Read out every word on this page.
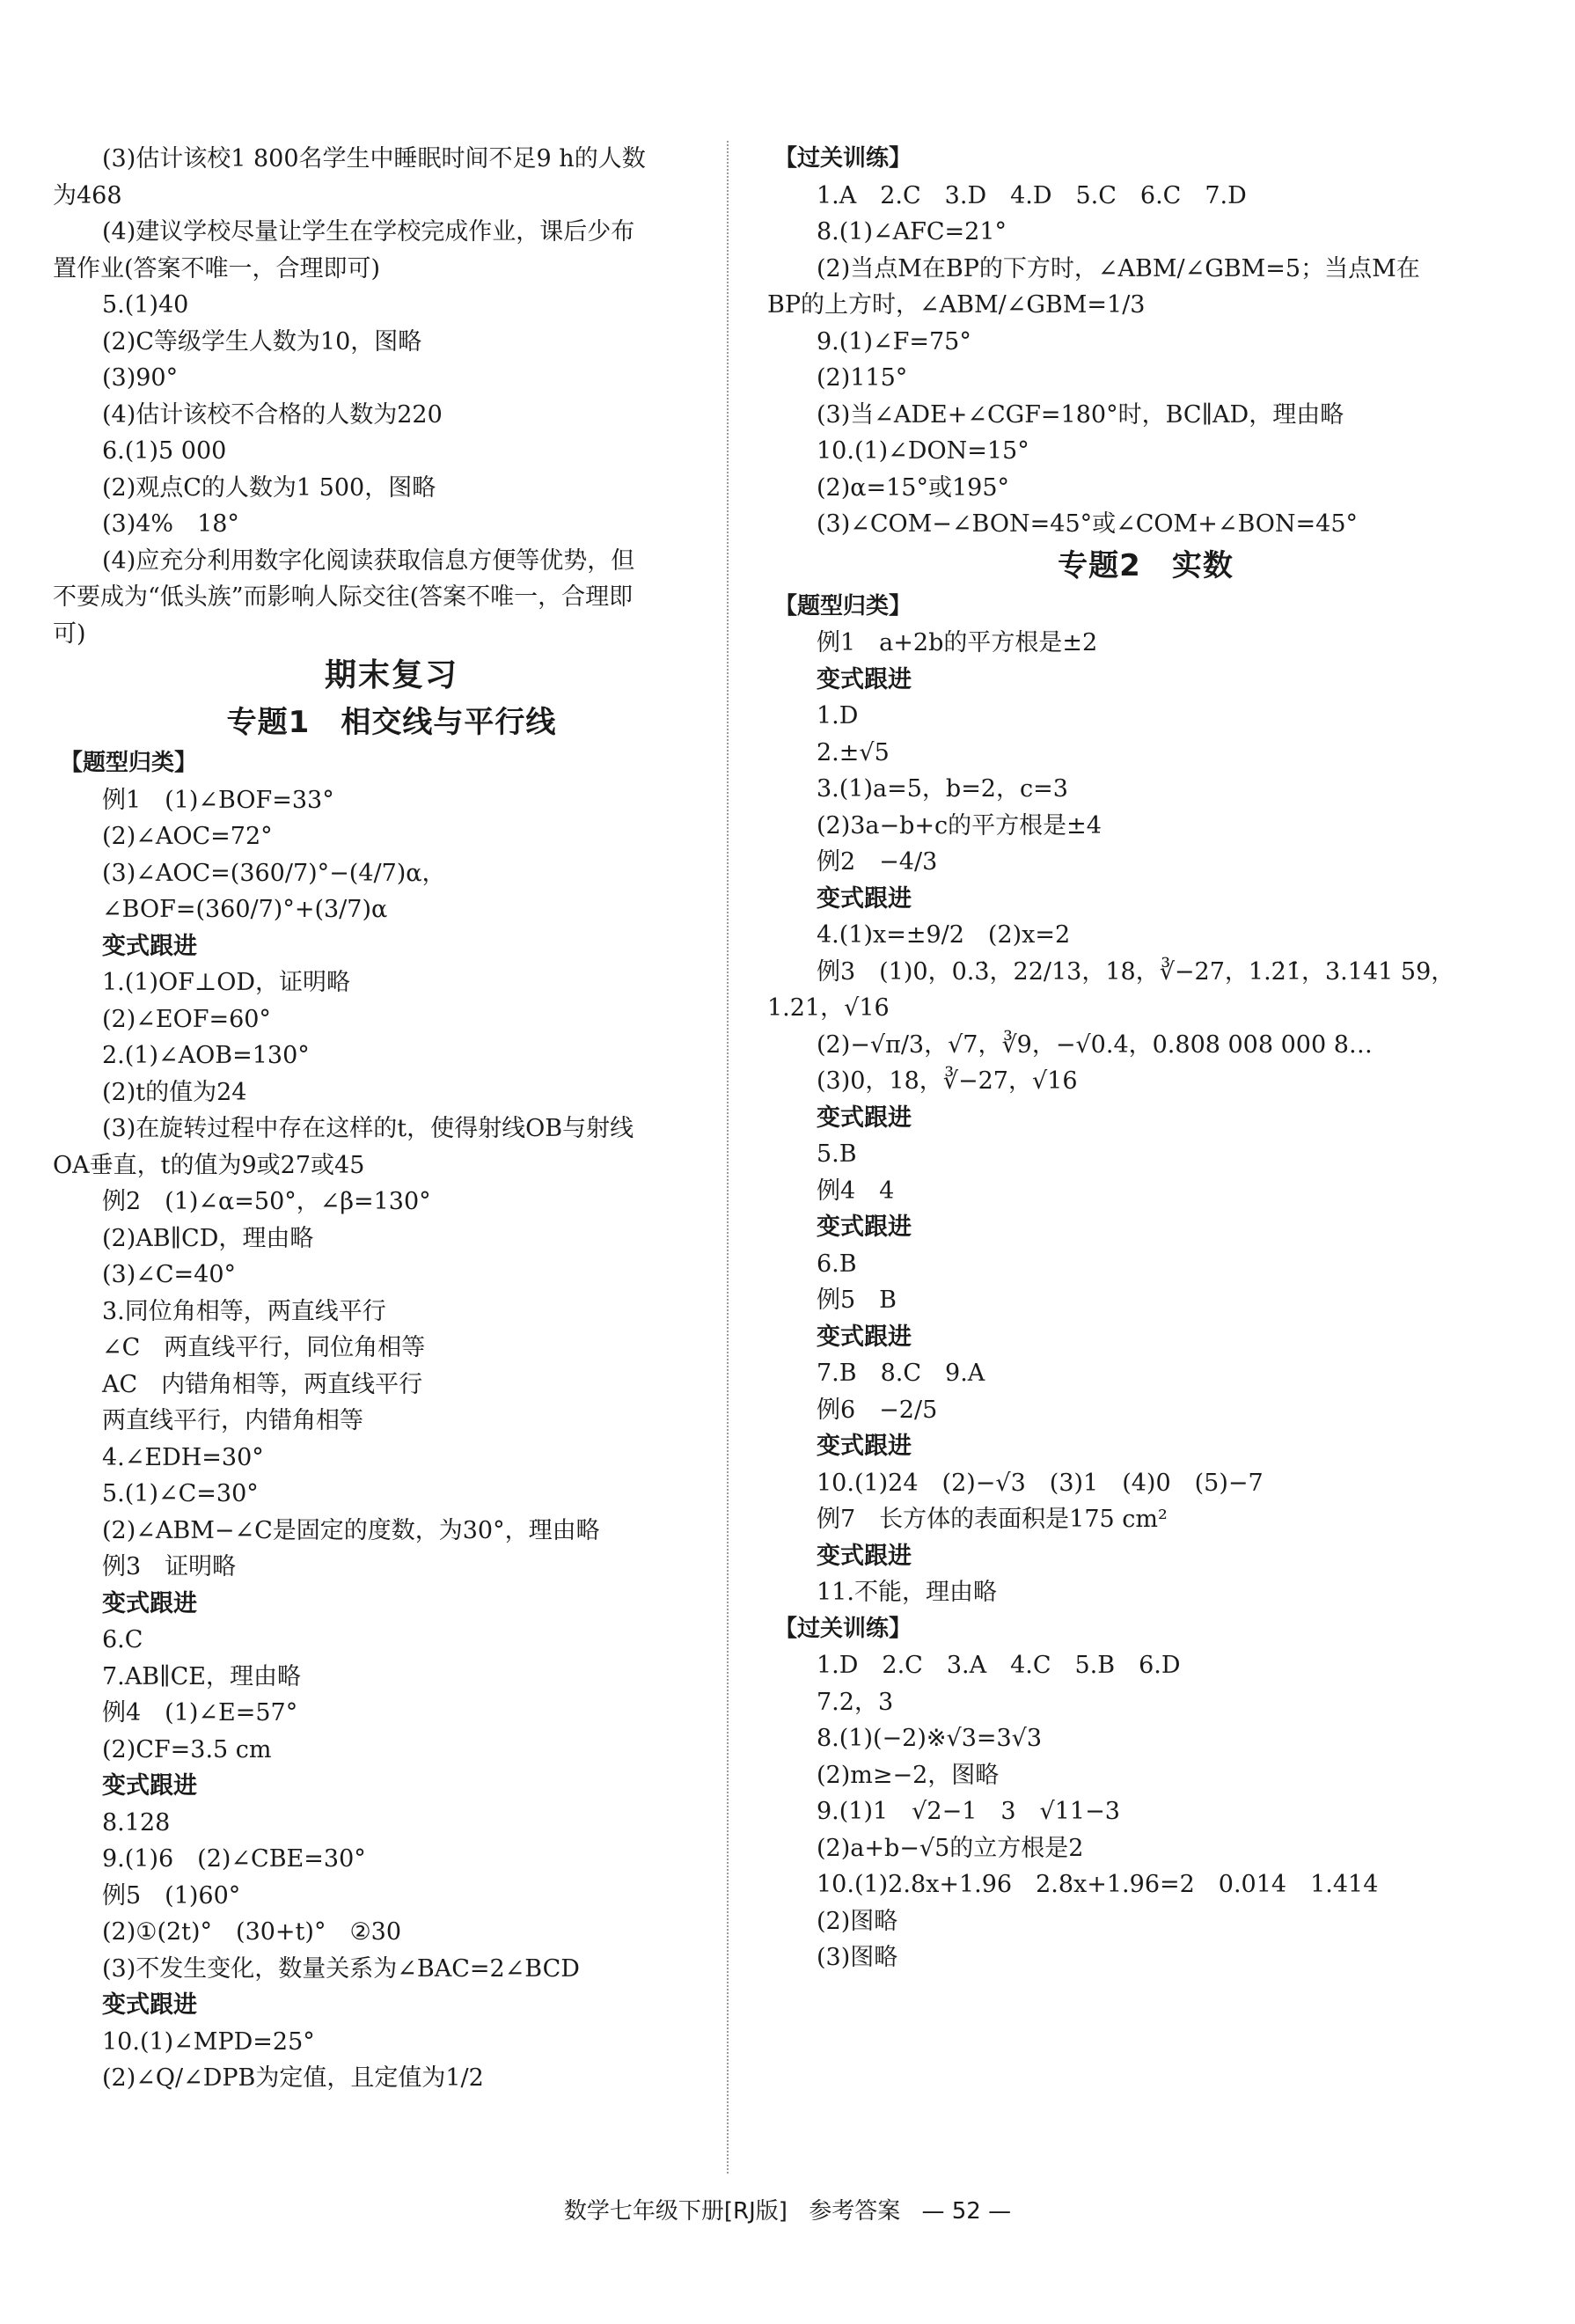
(3)估计该校1 800名学生中睡眠时间不足9 h的人数
为468
(4)建议学校尽量让学生在学校完成作业，课后少布
置作业(答案不唯一，合理即可)
5.(1)40
(2)C等级学生人数为10，图略
(3)90°
(4)估计该校不合格的人数为220
6.(1)5 000
(2)观点C的人数为1 500，图略
(3)4%　18°
(4)应充分利用数字化阅读获取信息方便等优势，但
不要成为“低头族”而影响人际交往(答案不唯一，合理即
可)
期末复习
专题1　相交线与平行线
【题型归类】
例1　(1)∠BOF=33°
(2)∠AOC=72°
(3)∠AOC=(360/7)°−(4/7)α，
∠BOF=(360/7)°+(3/7)α
变式跟进
1.(1)OF⊥OD，证明略
(2)∠EOF=60°
2.(1)∠AOB=130°
(2)t的值为24
(3)在旋转过程中存在这样的t，使得射线OB与射线
OA垂直，t的值为9或27或45
例2　(1)∠α=50°，∠β=130°
(2)AB∥CD，理由略
(3)∠C=40°
3.同位角相等，两直线平行
∠C　两直线平行，同位角相等
AC　内错角相等，两直线平行
两直线平行，内错角相等
4.∠EDH=30°
5.(1)∠C=30°
(2)∠ABM−∠C是固定的度数，为30°，理由略
例3　证明略
变式跟进
6.C
7.AB∥CE，理由略
例4　(1)∠E=57°
(2)CF=3.5 cm
变式跟进
8.128
9.(1)6　(2)∠CBE=30°
例5　(1)60°
(2)①(2t)°　(30+t)°　②30
(3)不发生变化，数量关系为∠BAC=2∠BCD
变式跟进
10.(1)∠MPD=25°
(2)∠Q/∠DPB为定值，且定值为1/2
【过关训练】
1.A　2.C　3.D　4.D　5.C　6.C　7.D
8.(1)∠AFC=21°
(2)当点M在BP的下方时，∠ABM/∠GBM=5；当点M在
BP的上方时，∠ABM/∠GBM=1/3
9.(1)∠F=75°
(2)115°
(3)当∠ADE+∠CGF=180°时，BC∥AD，理由略
10.(1)∠DON=15°
(2)α=15°或195°
(3)∠COM−∠BON=45°或∠COM+∠BON=45°
专题2　实数
【题型归类】
例1　a+2b的平方根是±2
变式跟进
1.D
2.±√5
3.(1)a=5，b=2，c=3
(2)3a−b+c的平方根是±4
例2　−4/3
变式跟进
4.(1)x=±9/2　(2)x=2
例3　(1)0，0.3̇，22/13，18，∛−27，1.2̇1̇，3.141 59，
1.21，√16
(2)−√π/3，√7，∛9，−√0.4，0.808 008 000 8…
(3)0，18，∛−27，√16
变式跟进
5.B
例4　4
变式跟进
6.B
例5　B
变式跟进
7.B　8.C　9.A
例6　−2/5
变式跟进
10.(1)24　(2)−√3　(3)1　(4)0　(5)−7
例7　长方体的表面积是175 cm²
变式跟进
11.不能，理由略
【过关训练】
1.D　2.C　3.A　4.C　5.B　6.D
7.2，3
8.(1)(−2)※√3=3√3
(2)m≥−2，图略
9.(1)1　√2−1　3　√11−3
(2)a+b−√5的立方根是2
10.(1)2.8x+1.96　2.8x+1.96=2　0.014　1.414
(2)图略
(3)图略
数学七年级下册[RJ版] 参考答案 — 52 —
